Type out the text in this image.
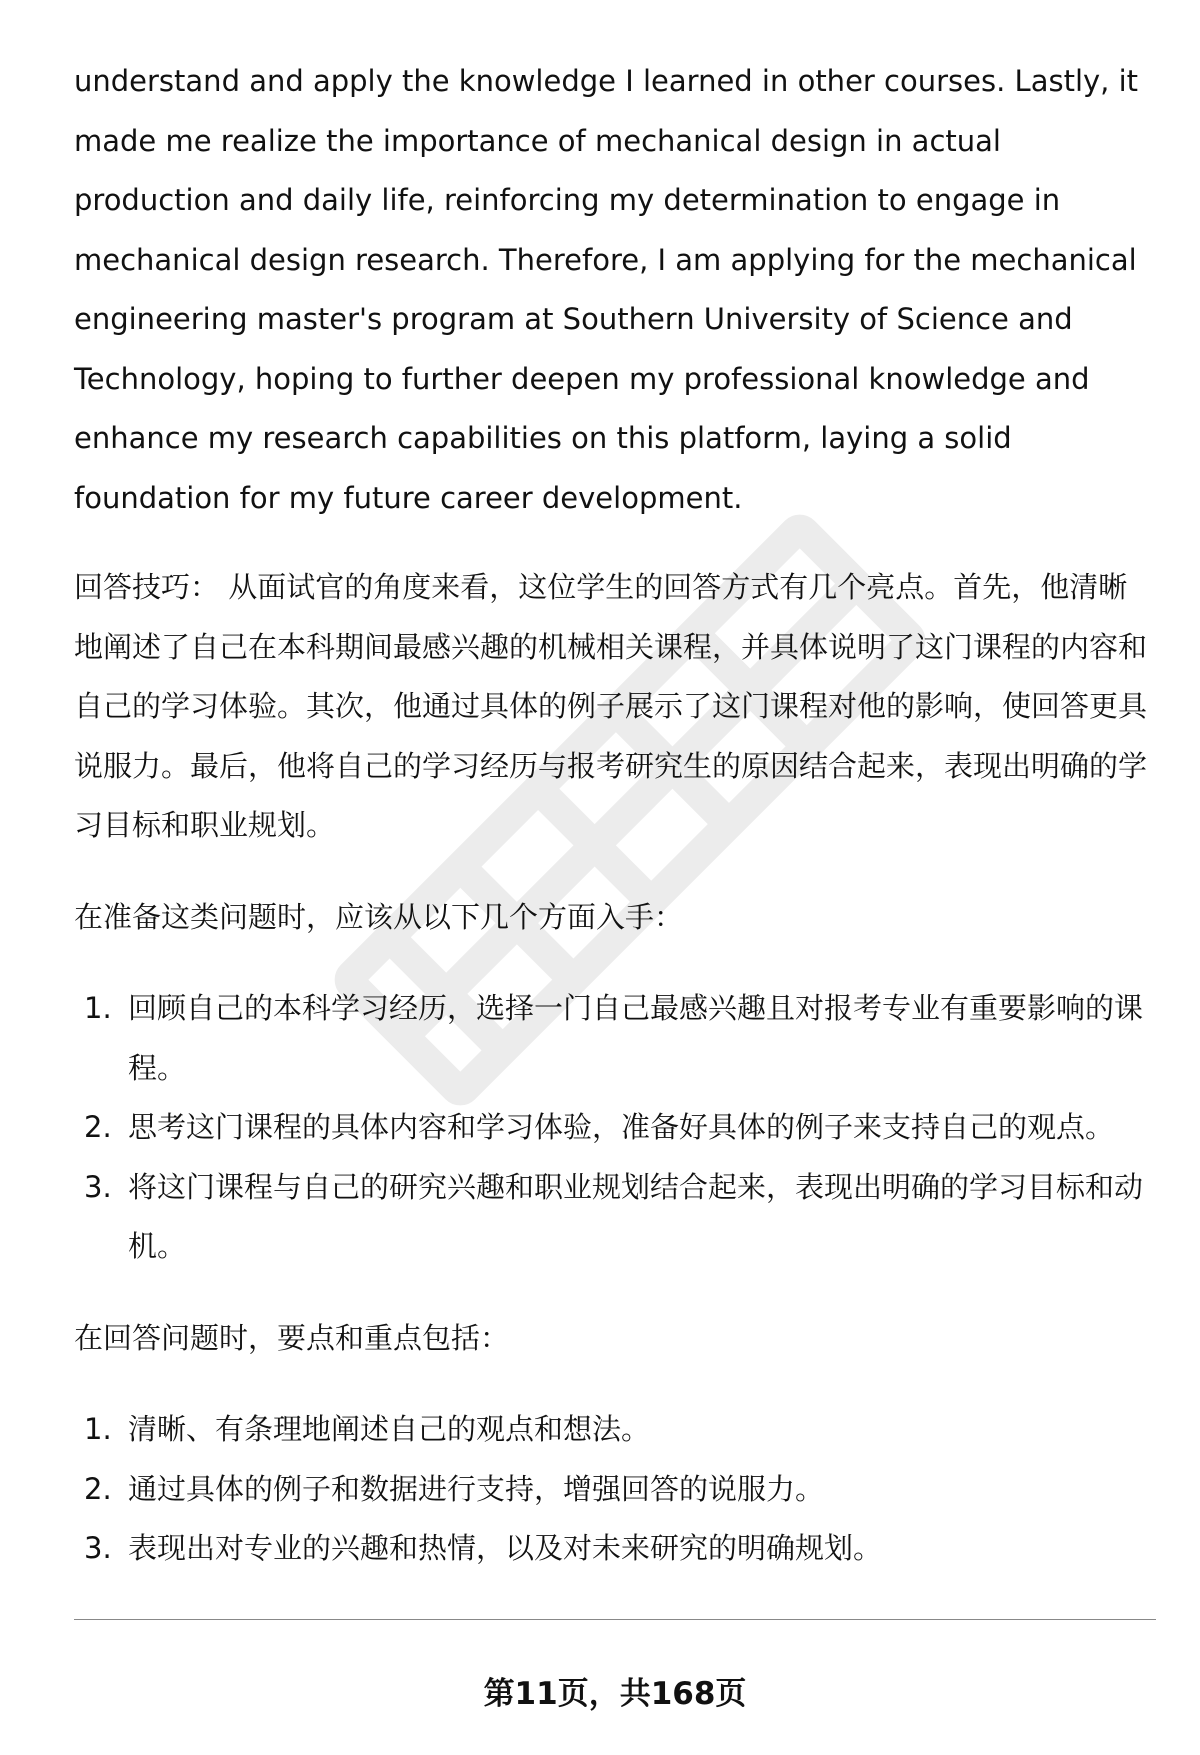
understand and apply the knowledge I learned in other courses. Lastly, it made me realize the importance of mechanical design in actual production and daily life, reinforcing my determination to engage in mechanical design research. Therefore, I am applying for the mechanical engineering master's program at Southern University of Science and Technology, hoping to further deepen my professional knowledge and enhance my research capabilities on this platform, laying a solid foundation for my future career development.

回答技巧： 从面试官的角度来看，这位学生的回答方式有几个亮点。首先，他清晰地阐述了自己在本科期间最感兴趣的机械相关课程，并具体说明了这门课程的内容和自己的学习体验。其次，他通过具体的例子展示了这门课程对他的影响，使回答更具说服力。最后，他将自己的学习经历与报考研究生的原因结合起来，表现出明确的学习目标和职业规划。

在准备这类问题时，应该从以下几个方面入手：

1. 回顾自己的本科学习经历，选择一门自己最感兴趣且对报考专业有重要影响的课程。
2. 思考这门课程的具体内容和学习体验，准备好具体的例子来支持自己的观点。
3. 将这门课程与自己的研究兴趣和职业规划结合起来，表现出明确的学习目标和动机。

在回答问题时，要点和重点包括：

1. 清晰、有条理地阐述自己的观点和想法。
2. 通过具体的例子和数据进行支持，增强回答的说服力。
3. 表现出对专业的兴趣和热情，以及对未来研究的明确规划。
第11页，共168页
